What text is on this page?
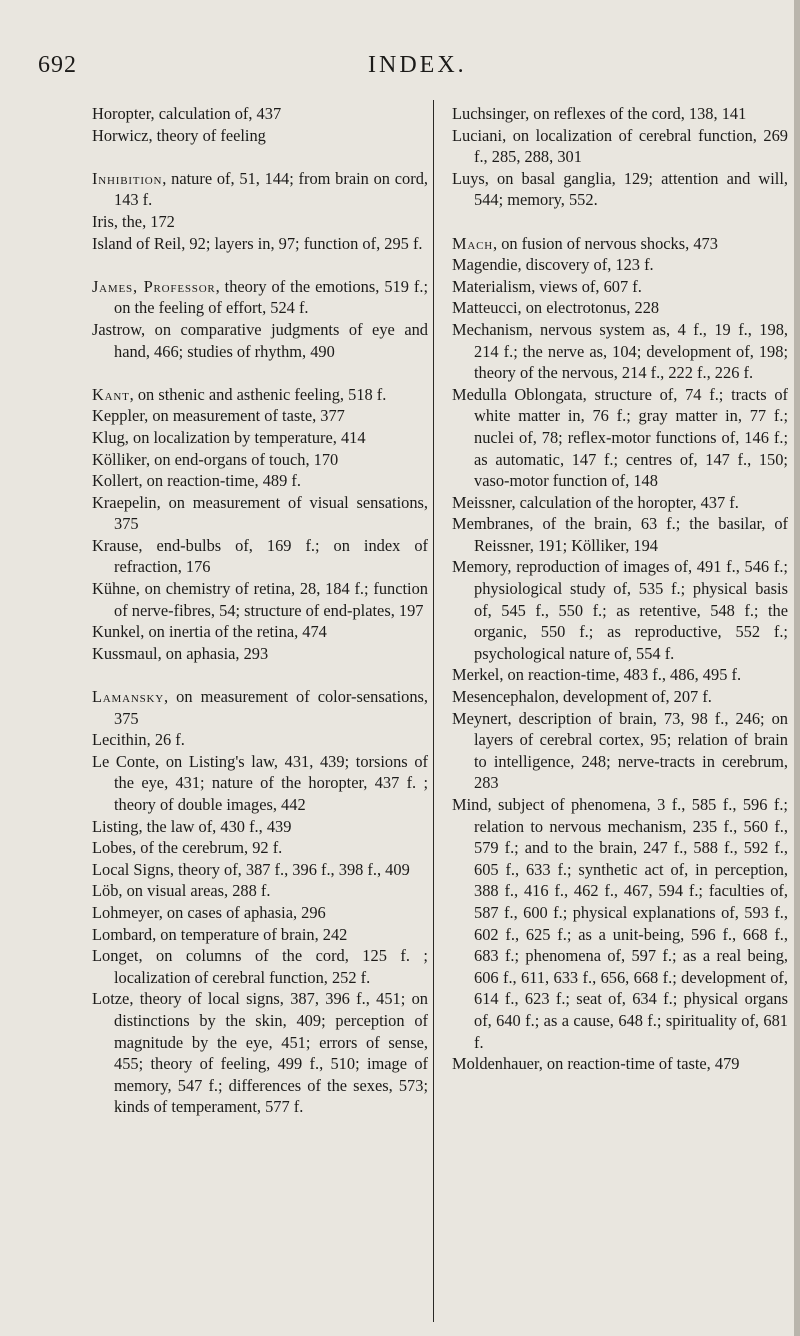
692	INDEX.

Horopter, calculation of, 437

Horwicz, theory of feeling

Inhibition, nature of, 51, 144; from brain on cord, 143 f.

Iris, the, 172

Island of Reil, 92; layers in, 97; function of, 295 f.

James, Professor, theory of the emotions, 519 f.; on the feeling of effort, 524 f.

Jastrow, on comparative judgments of eye and hand, 466; studies of rhythm, 490

Kant, on sthenic and asthenic feeling, 518 f.

Keppler, on measurement of taste, 377

Klug, on localization by temperature, 414

Kölliker, on end-organs of touch, 170

Kollert, on reaction-time, 489 f.

Kraepelin, on measurement of visual sensations, 375

Krause, end-bulbs of, 169 f.; on index of refraction, 176

Kühne, on chemistry of retina, 28, 184 f.; function of nerve-fibres, 54; structure of end-plates, 197

Kunkel, on inertia of the retina, 474

Kussmaul, on aphasia, 293

Lamansky, on measurement of color-sensations, 375

Lecithin, 26 f.

Le Conte, on Listing's law, 431, 439; torsions of the eye, 431; nature of the horopter, 437 f. ; theory of double images, 442

Listing, the law of, 430 f., 439

Lobes, of the cerebrum, 92 f.

Local Signs, theory of, 387 f., 396 f., 398 f., 409

Löb, on visual areas, 288 f.

Lohmeyer, on cases of aphasia, 296

Lombard, on temperature of brain, 242

Longet, on columns of the cord, 125 f. ; localization of cerebral function, 252 f.

Lotze, theory of local signs, 387, 396 f., 451; on distinctions by the skin, 409; perception of magnitude by the eye, 451; errors of sense, 455; theory of feeling, 499 f., 510; image of memory, 547 f.; differences of the sexes, 573; kinds of temperament, 577 f.

Luchsinger, on reflexes of the cord, 138, 141

Luciani, on localization of cerebral function, 269 f., 285, 288, 301

Luys, on basal ganglia, 129; attention and will, 544; memory, 552.

Mach, on fusion of nervous shocks, 473

Magendie, discovery of, 123 f.

Materialism, views of, 607 f.

Matteucci, on electrotonus, 228

Mechanism, nervous system as, 4 f., 19 f., 198, 214 f.; the nerve as, 104; development of, 198; theory of the nervous, 214 f., 222 f., 226 f.

Medulla Oblongata, structure of, 74 f.; tracts of white matter in, 76 f.; gray matter in, 77 f.; nuclei of, 78; reflex-motor functions of, 146 f.; as automatic, 147 f.; centres of, 147 f., 150; vaso-motor function of, 148

Meissner, calculation of the horopter, 437 f.

Membranes, of the brain, 63 f.; the basilar, of Reissner, 191; Kölliker, 194

Memory, reproduction of images of, 491 f., 546 f.; physiological study of, 535 f.; physical basis of, 545 f., 550 f.; as retentive, 548 f.; the organic, 550 f.; as reproductive, 552 f.; psychological nature of, 554 f.

Merkel, on reaction-time, 483 f., 486, 495 f.

Mesencephalon, development of, 207 f.

Meynert, description of brain, 73, 98 f., 246; on layers of cerebral cortex, 95; relation of brain to intelligence, 248; nerve-tracts in cerebrum, 283

Mind, subject of phenomena, 3 f., 585 f., 596 f.; relation to nervous mechanism, 235 f., 560 f., 579 f.; and to the brain, 247 f., 588 f., 592 f., 605 f., 633 f.; synthetic act of, in perception, 388 f., 416 f., 462 f., 467, 594 f.; faculties of, 587 f., 600 f.; physical explanations of, 593 f., 602 f., 625 f.; as a unit-being, 596 f., 668 f., 683 f.; phenomena of, 597 f.; as a real being, 606 f., 611, 633 f., 656, 668 f.; development of, 614 f., 623 f.; seat of, 634 f.; physical organs of, 640 f.; as a cause, 648 f.; spirituality of, 681 f.

Moldenhauer, on reaction-time of taste, 479
